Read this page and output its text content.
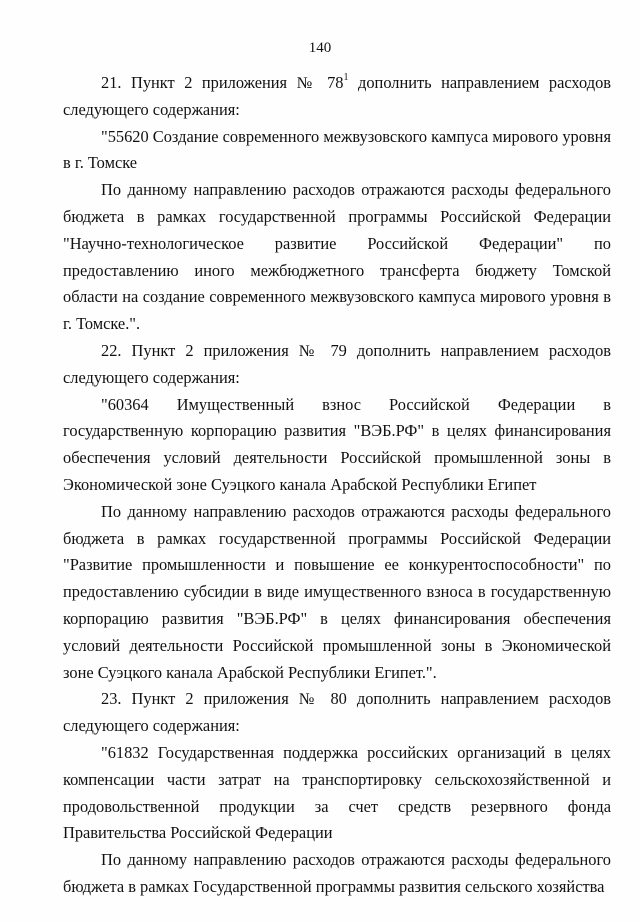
140

21. Пункт 2 приложения № $78^1$ дополнить направлением расходов следующего содержания:

"55620 Создание современного межвузовского кампуса мирового уровня в г. Томске

По данному направлению расходов отражаются расходы федерального бюджета в рамках государственной программы Российской Федерации "Научно-технологическое развитие Российской Федерации" по предоставлению иного межбюджетного трансферта бюджету Томской области на создание современного межвузовского кампуса мирового уровня в г. Томске.".

22. Пункт 2 приложения № 79 дополнить направлением расходов следующего содержания:

"60364 Имущественный взнос Российской Федерации в государственную корпорацию развития "ВЭБ.РФ" в целях финансирования обеспечения условий деятельности Российской промышленной зоны в Экономической зоне Суэцкого канала Арабской Республики Египет

По данному направлению расходов отражаются расходы федерального бюджета в рамках государственной программы Российской Федерации "Развитие промышленности и повышение ее конкурентоспособности" по предоставлению субсидии в виде имущественного взноса в государственную корпорацию развития "ВЭБ.РФ" в целях финансирования обеспечения условий деятельности Российской промышленной зоны в Экономической зоне Суэцкого канала Арабской Республики Египет.".

23. Пункт 2 приложения № 80 дополнить направлением расходов следующего содержания:

"61832 Государственная поддержка российских организаций в целях компенсации части затрат на транспортировку сельскохозяйственной и продовольственной продукции за счет средств резервного фонда Правительства Российской Федерации

По данному направлению расходов отражаются расходы федерального бюджета в рамках Государственной программы развития сельского хозяйства
